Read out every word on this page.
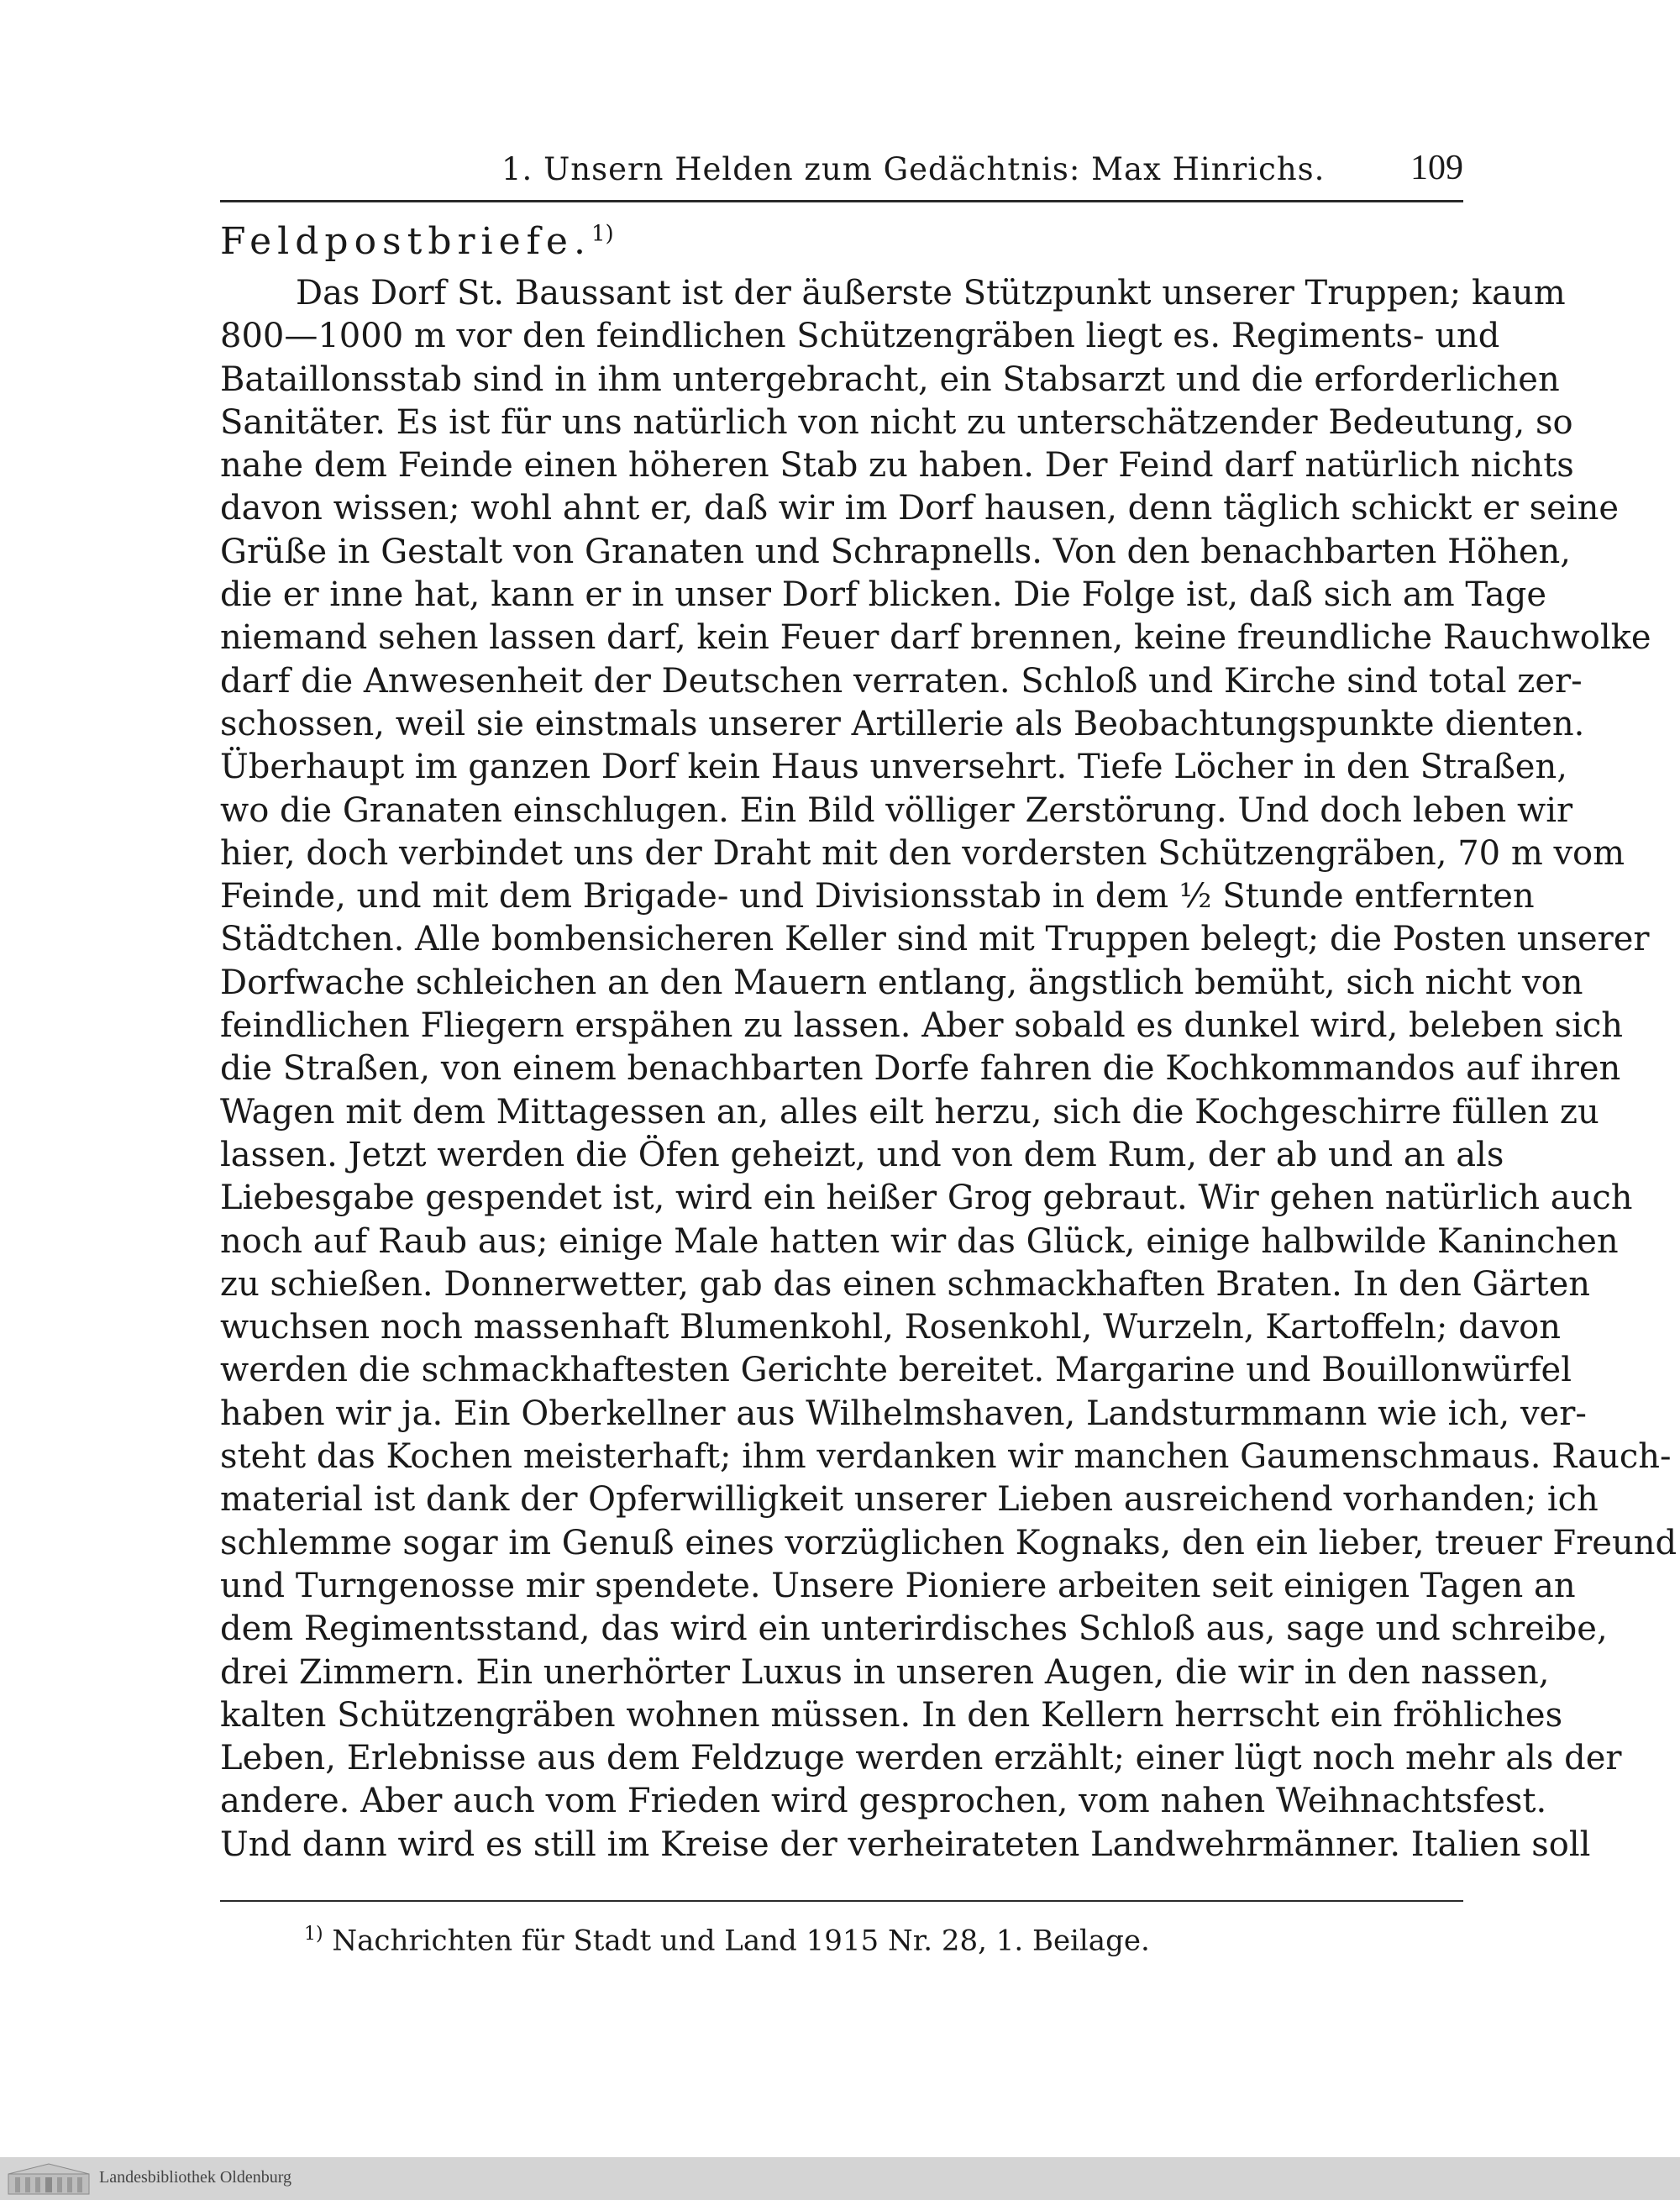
1. Unsern Helden zum Gedächtnis: Max Hinrichs. 109
Feldpostbriefe.$^{1)}$
Das Dorf St. Baussant ist der äußerste Stützpunkt unserer Truppen; kaum
800—1000 m vor den feindlichen Schützengräben liegt es. Regiments- und
Bataillonsstab sind in ihm untergebracht, ein Stabsarzt und die erforderlichen
Sanitäter. Es ist für uns natürlich von nicht zu unterschätzender Bedeutung, so
nahe dem Feinde einen höheren Stab zu haben. Der Feind darf natürlich nichts
davon wissen; wohl ahnt er, daß wir im Dorf hausen, denn täglich schickt er seine
Grüße in Gestalt von Granaten und Schrapnells. Von den benachbarten Höhen,
die er inne hat, kann er in unser Dorf blicken. Die Folge ist, daß sich am Tage
niemand sehen lassen darf, kein Feuer darf brennen, keine freundliche Rauchwolke
darf die Anwesenheit der Deutschen verraten. Schloß und Kirche sind total zer-
schossen, weil sie einstmals unserer Artillerie als Beobachtungspunkte dienten.
Überhaupt im ganzen Dorf kein Haus unversehrt. Tiefe Löcher in den Straßen,
wo die Granaten einschlugen. Ein Bild völliger Zerstörung. Und doch leben wir
hier, doch verbindet uns der Draht mit den vordersten Schützengräben, 70 m vom
Feinde, und mit dem Brigade- und Divisionsstab in dem ½ Stunde entfernten
Städtchen. Alle bombensicheren Keller sind mit Truppen belegt; die Posten unserer
Dorfwache schleichen an den Mauern entlang, ängstlich bemüht, sich nicht von
feindlichen Fliegern erspähen zu lassen. Aber sobald es dunkel wird, beleben sich
die Straßen, von einem benachbarten Dorfe fahren die Kochkommandos auf ihren
Wagen mit dem Mittagessen an, alles eilt herzu, sich die Kochgeschirre füllen zu
lassen. Jetzt werden die Öfen geheizt, und von dem Rum, der ab und an als
Liebesgabe gespendet ist, wird ein heißer Grog gebraut. Wir gehen natürlich auch
noch auf Raub aus; einige Male hatten wir das Glück, einige halbwilde Kaninchen
zu schießen. Donnerwetter, gab das einen schmackhaften Braten. In den Gärten
wuchsen noch massenhaft Blumenkohl, Rosenkohl, Wurzeln, Kartoffeln; davon
werden die schmackhaftesten Gerichte bereitet. Margarine und Bouillonwürfel
haben wir ja. Ein Oberkellner aus Wilhelmshaven, Landsturmmann wie ich, ver-
steht das Kochen meisterhaft; ihm verdanken wir manchen Gaumenschmaus. Rauch-
material ist dank der Opferwilligkeit unserer Lieben ausreichend vorhanden; ich
schlemme sogar im Genuß eines vorzüglichen Kognaks, den ein lieber, treuer Freund
und Turngenosse mir spendete. Unsere Pioniere arbeiten seit einigen Tagen an
dem Regimentsstand, das wird ein unterirdisches Schloß aus, sage und schreibe,
drei Zimmern. Ein unerhörter Luxus in unseren Augen, die wir in den nassen,
kalten Schützengräben wohnen müssen. In den Kellern herrscht ein fröhliches
Leben, Erlebnisse aus dem Feldzuge werden erzählt; einer lügt noch mehr als der
andere. Aber auch vom Frieden wird gesprochen, vom nahen Weihnachtsfest.
Und dann wird es still im Kreise der verheirateten Landwehrmänner. Italien soll
$^{1)}$ Nachrichten für Stadt und Land 1915 Nr. 28, 1. Beilage.
Landesbibliothek Oldenburg
